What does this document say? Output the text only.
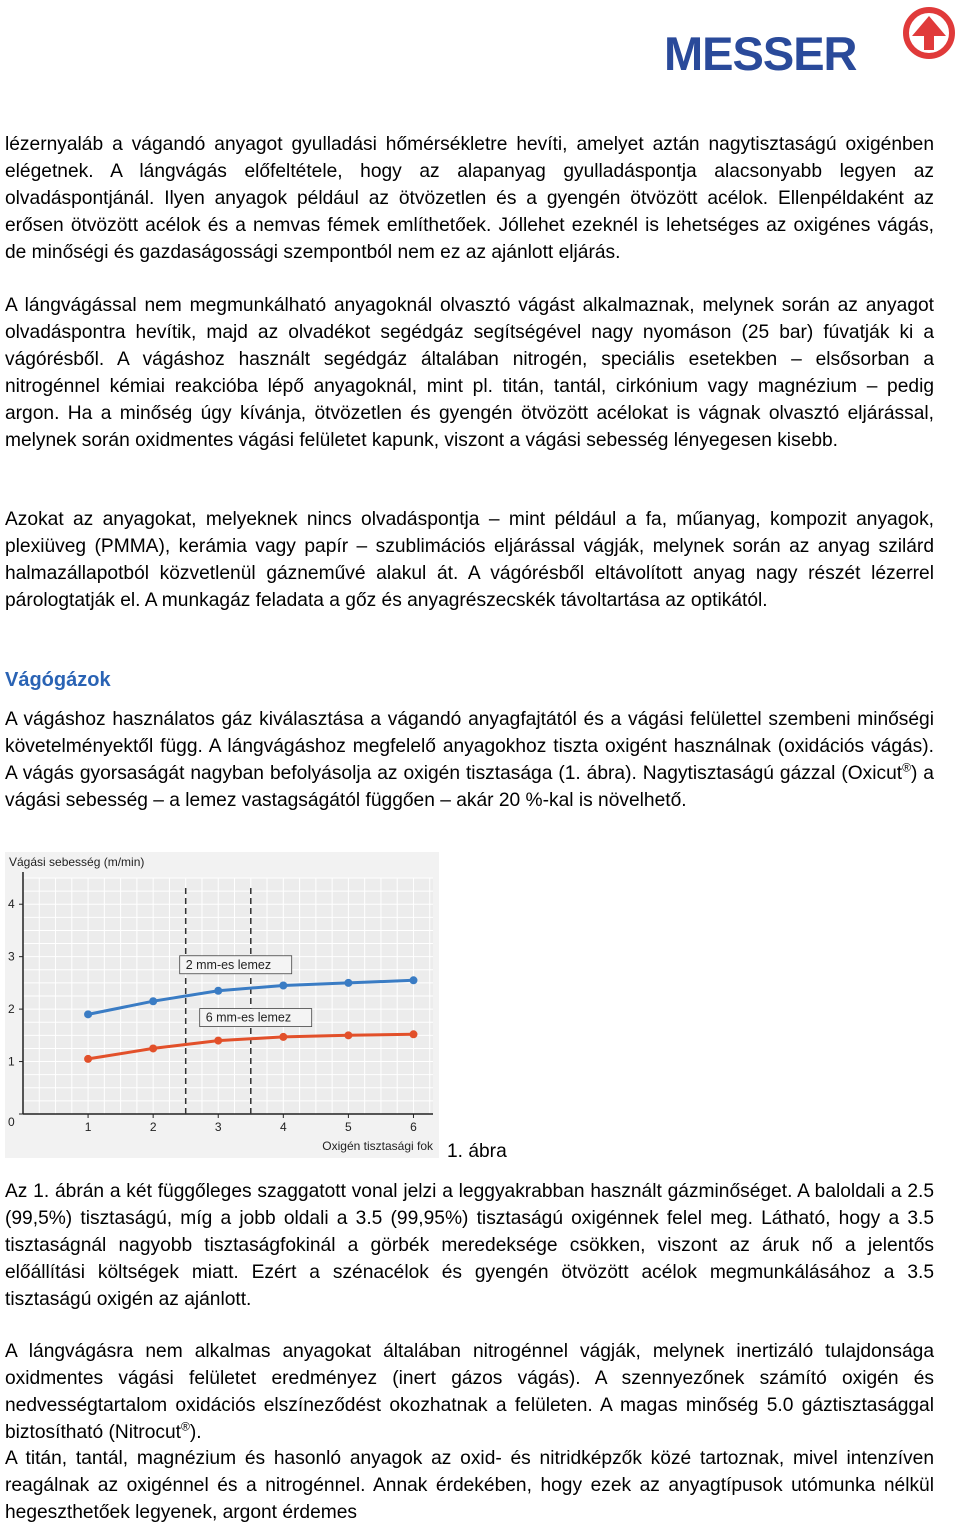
MESSER

lézernyaláb a vágandó anyagot gyulladási hőmérsékletre hevíti, amelyet aztán nagytisztaságú oxigénben elégetnek. A lángvágás előfeltétele, hogy az alapanyag gyulladáspontja alacsonyabb legyen az olvadáspontjánál. Ilyen anyagok például az ötvözetlen és a gyengén ötvözött acélok. Ellenpéldaként az erősen ötvözött acélok és a nemvas fémek említhetőek. Jóllehet ezeknél is lehetséges az oxigénes vágás, de minőségi és gazdaságossági szempontból nem ez az ajánlott eljárás.

A lángvágással nem megmunkálható anyagoknál olvasztó vágást alkalmaznak, melynek során az anyagot olvadáspontra hevítik, majd az olvadékot segédgáz segítségével nagy nyomáson (25 bar) fúvatják ki a vágórésből. A vágáshoz használt segédgáz általában nitrogén, speciális esetekben – elsősorban a nitrogénnel kémiai reakcióba lépő anyagoknál, mint pl. titán, tantál, cirkónium vagy magnézium – pedig argon. Ha a minőség úgy kívánja, ötvözetlen és gyengén ötvözött acélokat is vágnak olvasztó eljárással, melynek során oxidmentes vágási felületet kapunk, viszont a vágási sebesség lényegesen kisebb.

Azokat az anyagokat, melyeknek nincs olvadáspontja – mint például a fa, műanyag, kompozit anyagok, plexiüveg (PMMA), kerámia vagy papír – szublimációs eljárással vágják, melynek során az anyag szilárd halmazállapotból közvetlenül gázneművé alakul át. A vágórésből eltávolított anyag nagy részét lézerrel párologtatják el. A munkagáz feladata a gőz és anyagrészecskék távoltartása az optikától.

Vágógázok

A vágáshoz használatos gáz kiválasztása a vágandó anyagfajtától és a vágási felülettel szembeni minőségi követelményektől függ. A lángvágáshoz megfelelő anyagokhoz tiszta oxigént használnak (oxidációs vágás). A vágás gyorsaságát nagyban befolyásolja az oxigén tisztasága (1. ábra). Nagytisztaságú gázzal (Oxicut®) a vágási sebesség – a lemez vastagságától függően – akár 20 %-kal is növelhető.

0
1
2
3
4
1	2	3	4	5	6
Vágási sebesség (m/min)
Oxigén tisztasági fok
2 mm-es lemez
6 mm-es lemez
1. ábra

Az 1. ábrán a két függőleges szaggatott vonal jelzi a leggyakrabban használt gázminőséget. A baloldali a 2.5 (99,5%) tisztaságú, míg a jobb oldali a 3.5 (99,95%) tisztaságú oxigénnek felel meg. Látható, hogy a 3.5 tisztaságnál nagyobb tisztaságfokinál a görbék meredeksége csökken, viszont az áruk nő a jelentős előállítási költségek miatt. Ezért a szénacélok és gyengén ötvözött acélok megmunkálásához a 3.5 tisztaságú oxigén az ajánlott.

A lángvágásra nem alkalmas anyagokat általában nitrogénnel vágják, melynek inertizáló tulajdonsága oxidmentes vágási felületet eredményez (inert gázos vágás). A szennyezőnek számító oxigén és nedvességtartalom oxidációs elszíneződést okozhatnak a felületen. A magas minőség 5.0 gáztisztasággal biztosítható (Nitrocut®).

A titán, tantál, magnézium és hasonló anyagok az oxid- és nitridképzők közé tartoznak, mivel intenzíven reagálnak az oxigénnel és a nitrogénnel. Annak érdekében, hogy ezek az anyagtípusok utómunka nélkül hegeszthetőek legyenek, argont érdemes
